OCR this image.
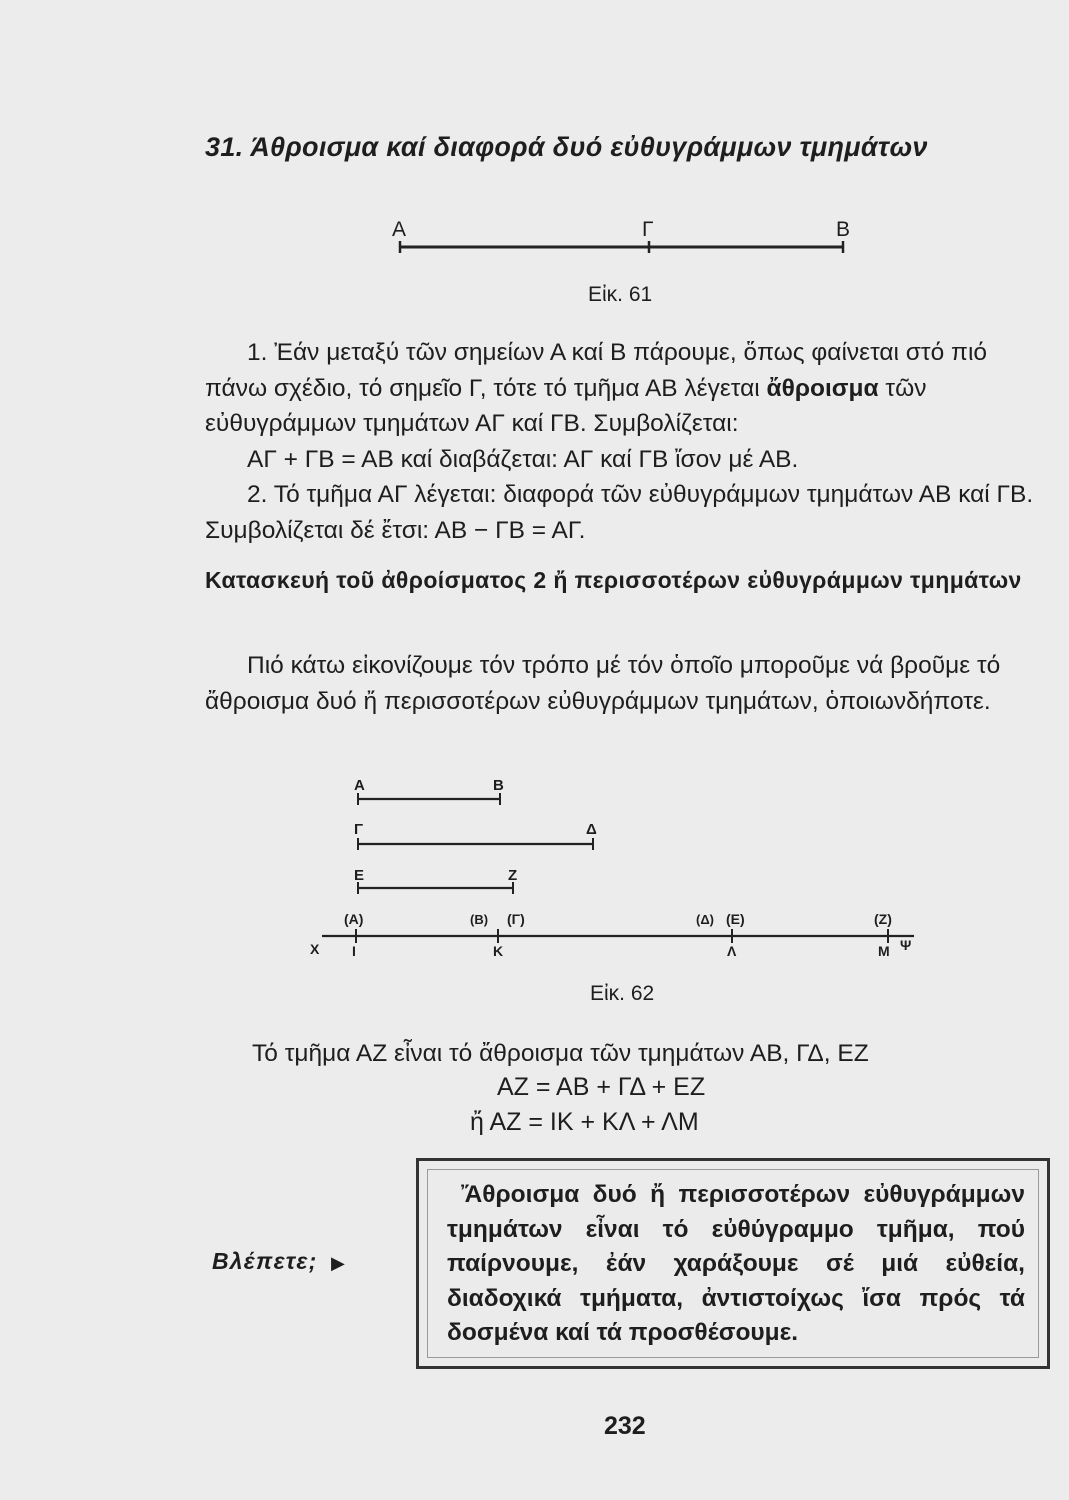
31. Άθροισμα καί διαφορά δυό εὐθυγράμμων τμημάτων
Α	Γ	Β
Εἰκ. 61

1. Ἐάν μεταξύ τῶν σημείων Α καί Β πάρουμε, ὅπως φαίνεται στό πιό πάνω σχέδιο, τό σημεῖο Γ, τότε τό τμῆμα ΑΒ λέγεται ἄθροισμα τῶν εὐθυγράμμων τμημάτων ΑΓ καί ΓΒ. Συμβολίζεται:

ΑΓ + ΓΒ = ΑΒ καί διαβάζεται: ΑΓ καί ΓΒ ἴσον μέ ΑΒ.

2. Τό τμῆμα ΑΓ λέγεται: διαφορά τῶν εὐθυγράμμων τμημάτων ΑΒ καί ΓΒ. Συμβολίζεται δέ ἔτσι: ΑΒ − ΓΒ = ΑΓ.

Κατασκευή τοῦ ἀθροίσματος 2 ἤ περισσοτέρων εὐθυγράμμων τμημάτων

Πιό κάτω εἰκονίζουμε τόν τρόπο μέ τόν ὁποῖο μποροῦμε νά βροῦμε τό ἄθροισμα δυό ἤ περισσοτέρων εὐθυγράμμων τμημάτων, ὁποιωνδήποτε.

Α	Β
Γ	Δ
Ε	Ζ
(Α)	(Β) (Γ)	(Δ) (Ε)	(Ζ)
Χ Ι	Κ	Λ	Μ Ψ
Εἰκ. 62
Τό τμῆμα ΑΖ εἶναι τό ἄθροισμα τῶν τμημάτων ΑΒ, ΓΔ, ΕΖ
ΑΖ = ΑΒ + ΓΔ + ΕΖ
ἤ ΑΖ = ΙΚ + ΚΛ + ΛΜ
Βλέπετε; ▶
Ἄθροισμα δυό ἤ περισσοτέρων εὐθυγράμμων τμημάτων εἶναι τό εὐθύγραμμο τμῆμα, πού παίρνουμε, ἐάν χαράξουμε σέ μιά εὐθεία, διαδοχικά τμήματα, ἀντιστοίχως ἴσα πρός τά δοσμένα καί τά προσθέσουμε.
232
